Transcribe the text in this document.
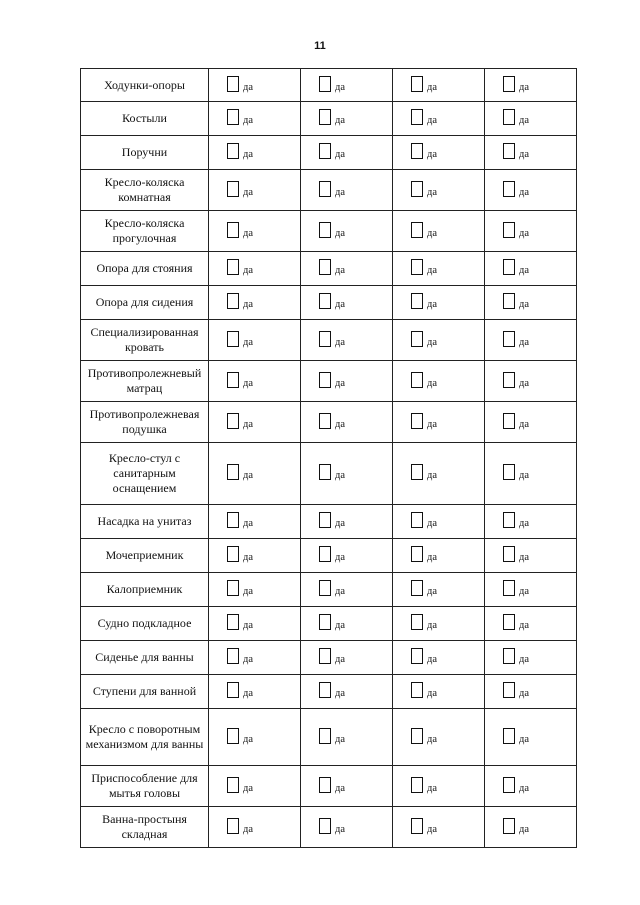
11
Ходунки-опоры	да	да	да	да

Костыли	да	да	да	да

Поручни	да	да	да	да

Кресло-коляска комнатная	да	да	да	да

Кресло-коляска прогулочная	да	да	да	да

Опора для стояния	да	да	да	да

Опора для сидения	да	да	да	да

Специализированная кровать	да	да	да	да

Противопролежневый матрац	да	да	да	да

Противопролежневая подушка	да	да	да	да

Кресло-стул с санитарным оснащением	да	да	да	да

Насадка на унитаз	да	да	да	да

Мочеприемник	да	да	да	да

Калоприемник	да	да	да	да

Судно подкладное	да	да	да	да

Сиденье для ванны	да	да	да	да

Ступени для ванной	да	да	да	да

Кресло с поворотным механизмом для ванны	да	да	да	да

Приспособление для мытья головы	да	да	да	да

Ванна-простыня складная	да	да	да	да
